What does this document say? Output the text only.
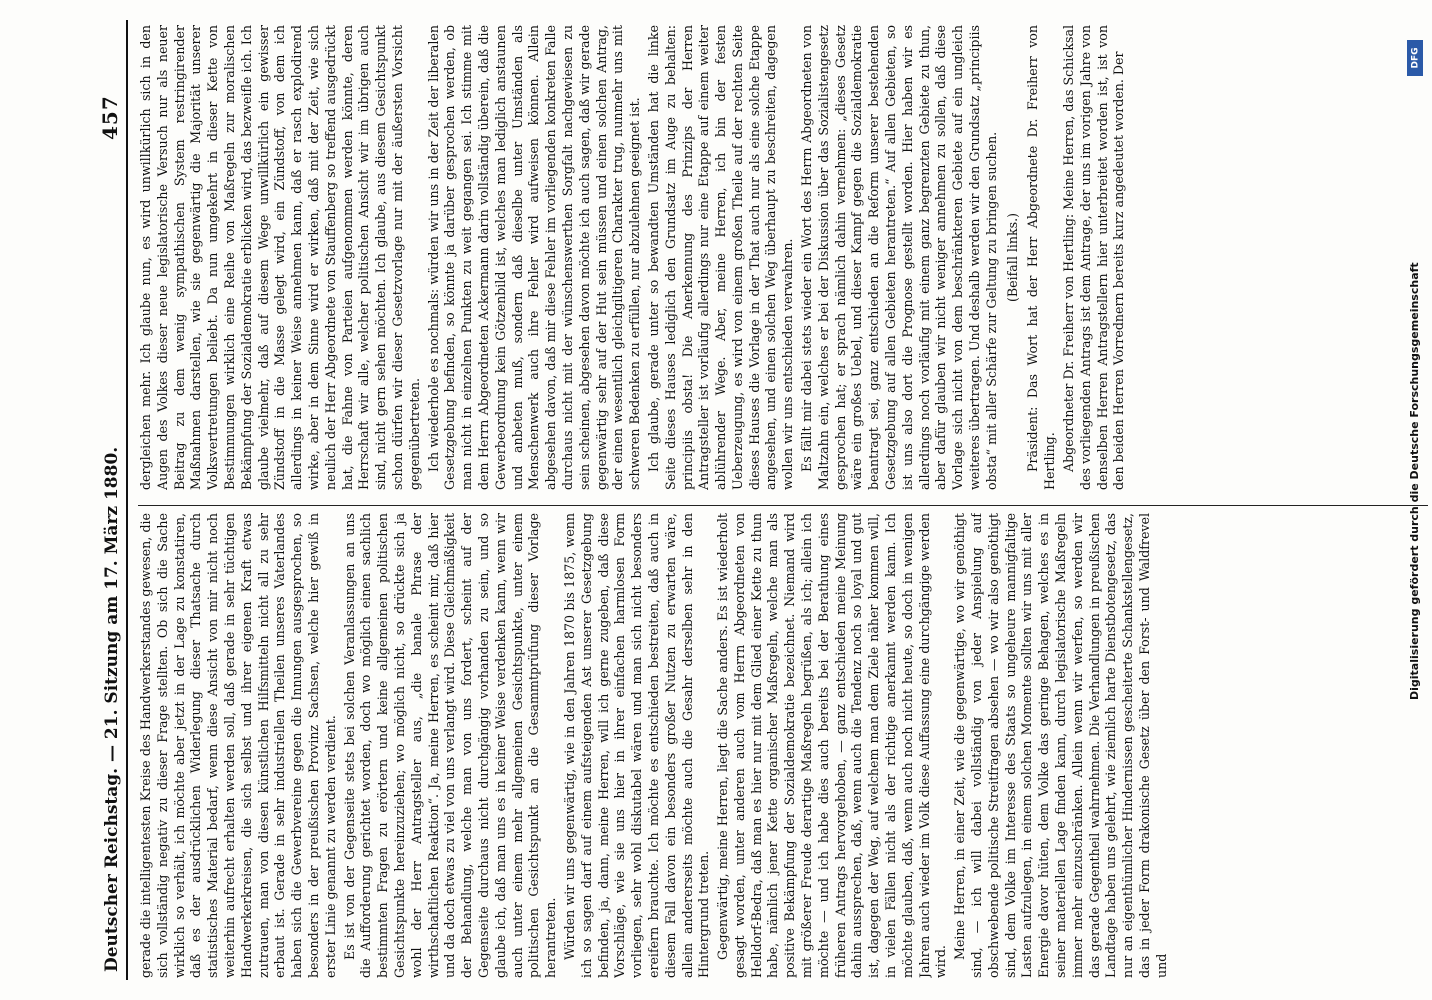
Deutscher Reichstag. — 21. Sitzung am 17. März 1880.
457

gerade die intelligentesten Kreise des Handwerkerstandes gewesen, die sich vollständig negativ zu dieser Frage stellten. Ob sich die Sache wirklich so verhält, ich möchte aber jetzt in der Lage zu konstatiren, daß es der ausdrücklichen Widerlegung dieser Thatsache durch statistisches Material bedarf, wenn diese Ansicht von mir nicht noch weiterhin aufrecht erhalten werden soll, daß gerade in sehr tüchtigen Handwerkerkreisen, die sich selbst und ihrer eigenen Kraft etwas zutrauen, man von diesen künstlichen Hilfsmitteln nicht all zu sehr erbaut ist. Gerade in sehr industriellen Theilen unseres Vaterlandes haben sich die Gewerbvereine gegen die Innungen ausgesprochen, so besonders in der preußischen Provinz Sachsen, welche hier gewiß in erster Linie genannt zu werden verdient. Es ist von der Gegenseite stets bei solchen Veranlassungen an uns die Aufforderung gerichtet worden, doch wo möglich einen sachlich bestimmten Fragen zu erörtern und keine allgemeinen politischen Gesichtspunkte hereinzuziehen; wo möglich nicht, so drückte sich ja wohl der Herr Antragsteller aus, „die banale Phrase der wirthschaftlichen Reaktion“. Ja, meine Herren, es scheint mir, daß hier und da doch etwas zu viel von uns verlangt wird. Diese Gleichmäßigkeit der Behandlung, welche man von uns fordert, scheint auf der Gegenseite durchaus nicht durchgängig vorhanden zu sein, und so glaube ich, daß man uns es in keiner Weise verdenken kann, wenn wir auch unter einem mehr allgemeinen Gesichtspunkte, unter einem politischen Gesichtspunkt an die Gesammtprüfung dieser Vorlage herantreten. Würden wir uns gegenwärtig, wie in den Jahren 1870 bis 1875, wenn ich so sagen darf auf einem aufsteigenden Ast unserer Gesetzgebung befinden, ja, dann, meine Herren, will ich gerne zugeben, daß diese Vorschläge, wie sie uns hier in ihrer einfachen harmlosen Form vorliegen, sehr wohl diskutabel wären und man sich nicht besonders ereifern brauchte. Ich möchte es entschieden bestreiten, daß auch in diesem Fall davon ein besonders großer Nutzen zu erwarten wäre, allein andererseits möchte auch die Gesahr derselben sehr in den Hintergrund treten. Gegenwärtig, meine Herren, liegt die Sache anders. Es ist wiederholt gesagt worden, unter anderen auch vom Herrn Abgeordneten von Helldorf-Bedra, daß man es hier nur mit dem Glied einer Kette zu thun habe, nämlich jener Kette organischer Maßregeln, welche man als positive Bekämpfung der Sozialdemokratie bezeichnet. Niemand wird mit größerer Freude derartige Maßregeln begrüßen, als ich; allein ich möchte — und ich habe dies auch bereits bei der Berathung eines früheren Antrags hervorgehoben, — ganz entschieden meine Meinung dahin aussprechen, daß, wenn auch die Tendenz noch so loyal und gut ist, dagegen der Weg, auf welchem man dem Ziele näher kommen will, in vielen Fällen nicht als der richtige anerkannt werden kann. Ich möchte glauben, daß, wenn auch noch nicht heute, so doch in wenigen Jahren auch wieder im Volk diese Auffassung eine durchgängige werden wird.

Meine Herren, in einer Zeit, wie die gegenwärtige, wo wir genöthigt sind, — ich will dabei vollständig von jeder Anspielung auf obschwebende politische Streitfragen absehen — wo wir also genöthigt sind, dem Volke im Interesse des Staats so ungeheure mannigfaltige Lasten aufzulegen, in einem solchen Momente sollten wir uns mit aller Energie davor hüten, dem Volke das geringe Behagen, welches es in seiner materiellen Lage finden kann, durch legislatorische Maßregeln immer mehr einzuschränken. Allein wenn wir werfen, so werden wir das gerade Gegentheil wahrnehmen. Die Verhandlungen in preußischen Landtage haben uns gelehrt, wie ziemlich harte Dienstbotengesetz, das nur an eigenthümlicher Hindernissen gescheiterte Schankstellengesetz, das in jeder Form drakonische Gesetz über den Forst- und Waldfrevel und

dergleichen mehr. Ich glaube nun, es wird unwillkürlich sich in den Augen des Volkes dieser neue legislatorische Versuch nur als neuer Beitrag zu dem wenig sympathischen System restringirender Maßnahmen darstellen, wie sie gegenwärtig die Majorität unserer Volksvertretungen beliebt. Da nun umgekehrt in dieser Kette von Bestimmungen wirklich eine Reihe von Maßregeln zur moralischen Bekämpfung der Sozialdemokratie erblicken wird, das bezweifle ich. Ich glaube vielmehr, daß auf diesem Wege unwillkürlich ein gewisser Zündstoff in die Masse gelegt wird, ein Zündstoff, von dem ich allerdings in keiner Weise annehmen kann, daß er rasch explodirend wirke, aber in dem Sinne wird er wirken, daß mit der Zeit, wie sich neulich der Herr Abgeordnete von Stauffenberg so treffend ausgedrückt hat, die Fahne von Parteien aufgenommen werden könnte, deren Herrschaft wir alle, welcher politischen Ansicht wir im übrigen auch sind, nicht gern sehen möchten. Ich glaube, aus diesem Gesichtspunkt schon dürfen wir dieser Gesetzvorlage nur mit der äußersten Vorsicht gegenübertreten. Ich wiederhole es nochmals: würden wir uns in der Zeit der liberalen Gesetzgebung befinden, so könnte ja darüber gesprochen werden, ob man nicht in einzelnen Punkten zu weit gegangen sei. Ich stimme mit dem Herrn Abgeordneten Ackermann darin vollständig überein, daß die Gewerbeordnung kein Götzenbild ist, welches man lediglich anstaunen und anbeten muß, sondern daß dieselbe unter Umständen als Menschenwerk auch ihre Fehler wird aufweisen können. Allein abgesehen davon, daß mir diese Fehler im vorliegenden konkreten Falle durchaus nicht mit der wünschenswerthen Sorgfalt nachgewiesen zu sein scheinen, abgesehen davon möchte ich auch sagen, daß wir gerade gegenwärtig sehr auf der Hut sein müssen und einen solchen Antrag, der einen wesentlich gleichgiltigeren Charakter trug, nunmehr uns mit schweren Bedenken zu erfüllen, nur abzulehnen geeignet ist. Ich glaube, gerade unter so bewandten Umständen hat die linke Seite dieses Hauses lediglich den Grundsatz im Auge zu behalten: principiis obsta! Die Anerkennung des Prinzips der Herren Antragsteller ist vorläufig allerdings nur eine Etappe auf einem weiter ablührender Wege. Aber, meine Herren, ich bin der festen Ueberzeugung, es wird von einem großen Theile auf der rechten Seite dieses Hauses die Vorlage in der That auch nur als eine solche Etappe angesehen, und einen solchen Weg überhaupt zu beschreiten, dagegen wollen wir uns entschieden verwahren. Es fällt mir dabei stets wieder ein Wort des Herrn Abgeordneten von Maltzahn ein, welches er bei der Diskussion über das Sozialistengesetz gesprochen hat; er sprach nämlich dahin vernehmen: „dieses Gesetz wäre ein großes Uebel, und dieser Kampf gegen die Sozialdemokratie beantragt sei, ganz entschieden an die Reform unserer bestehenden Gesetzgebung auf allen Gebieten herantreten.“ Auf allen Gebieten, so ist uns also dort die Prognose gestellt worden. Hier haben wir es allerdings noch vorläufig mit einem ganz begrenzten Gebiete zu thun, aber dafür glauben wir nicht weniger annehmen zu sollen, daß diese Vorlage sich nicht von dem beschränkteren Gebiete auf ein ungleich weiteres übertragen. Und deshalb werden wir den Grundsatz „principiis obsta“ mit aller Schärfe zur Geltung zu bringen suchen. (Beifall links.) Präsident: Das Wort hat der Herr Abgeordnete Dr. Freiherr von Hertling. Abgeordneter Dr. Freiherr von Hertling: Meine Herren, das Schicksal des vorliegenden Antrags ist dem Antrage, der uns im vorigen Jahre von denselben Herren Antragstellern hier unterbreitet worden ist, ist von den beiden Herren Vorrednern bereits kurz angedeutet worden. Der	DFG
Digitalisierung gefördert durch die Deutsche Forschungsgemeinschaft
